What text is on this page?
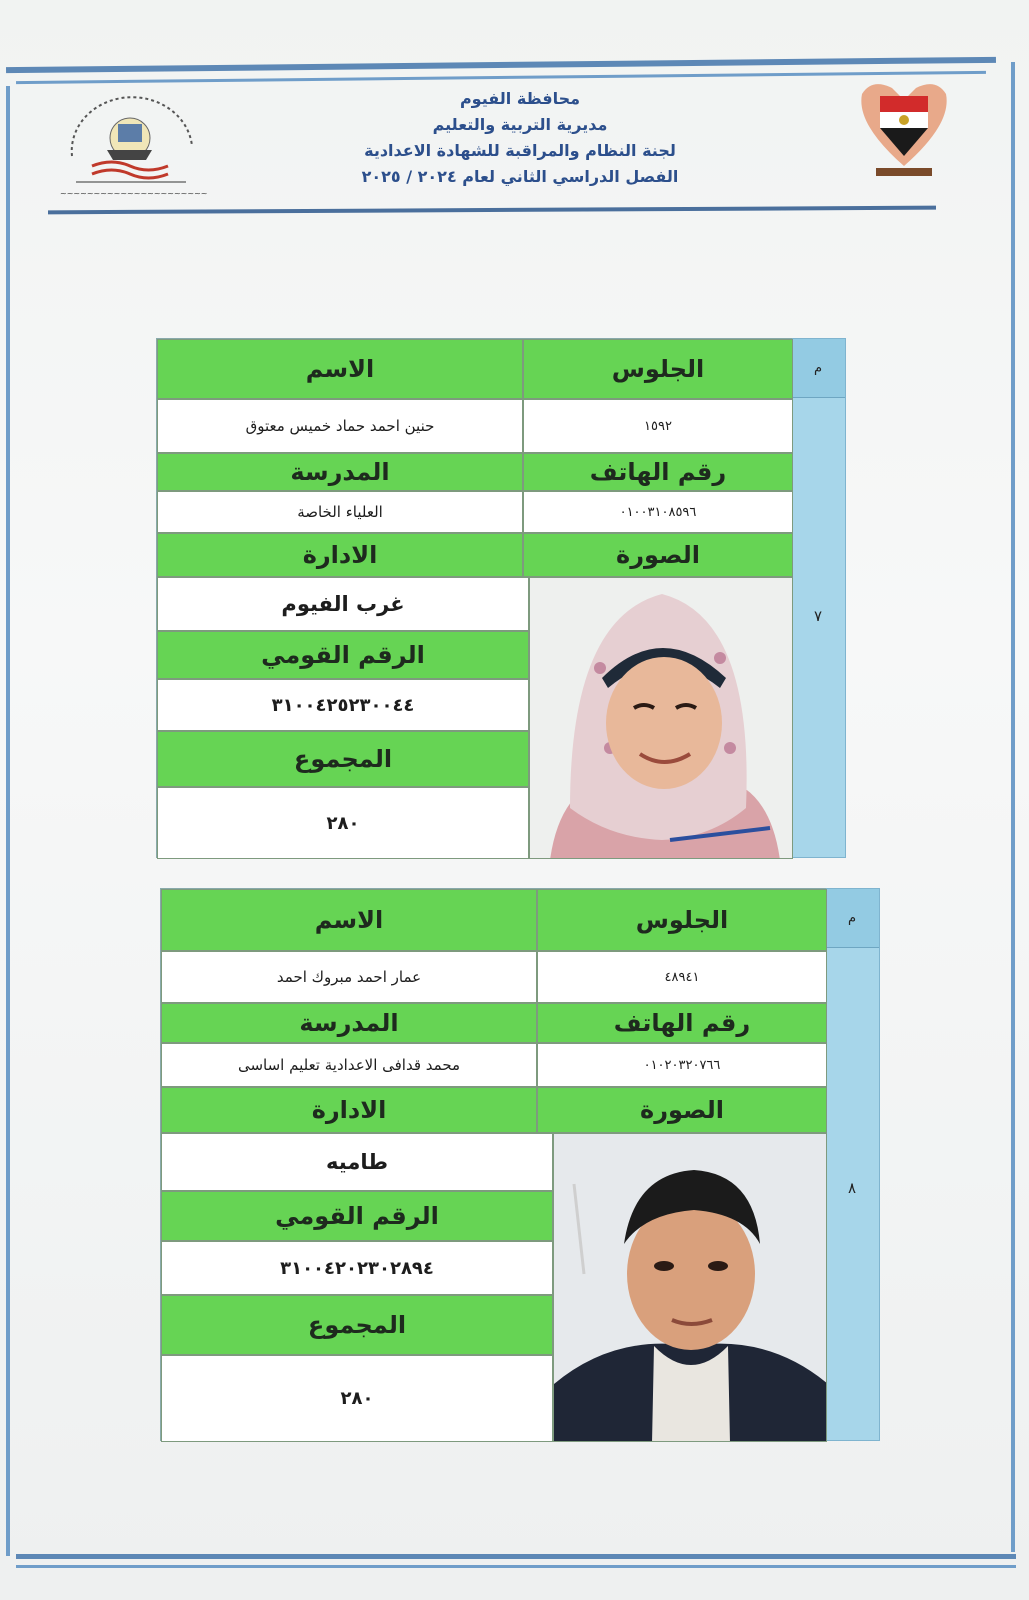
~~~~~~~~~~~~~~~~~~~~~~~~
محافظة الفيوم
مديرية التربية والتعليم
لجنة النظام والمراقبة للشهادة الاعدادية
الفصل الدراسي الثاني لعام ٢٠٢٤ / ٢٠٢٥
م
٧
الجلوس
الاسم
١٥٩٢
حنين احمد حماد خميس معتوق
رقم الهاتف
المدرسة
٠١٠٠٣١٠٨٥٩٦
العلياء الخاصة
الصورة
الادارة
غرب الفيوم
الرقم القومي
٣١٠٠٤٢٥٢٣٠٠٤٤
المجموع
٢٨٠
م
٨
الجلوس
الاسم
٤٨٩٤١
عمار احمد مبروك احمد
رقم الهاتف
المدرسة
٠١٠٢٠٣٢٠٧٦٦
محمد قدافى الاعدادية تعليم اساسى
الصورة
الادارة
طاميه
الرقم القومي
٣١٠٠٤٢٠٢٣٠٢٨٩٤
المجموع
٢٨٠
